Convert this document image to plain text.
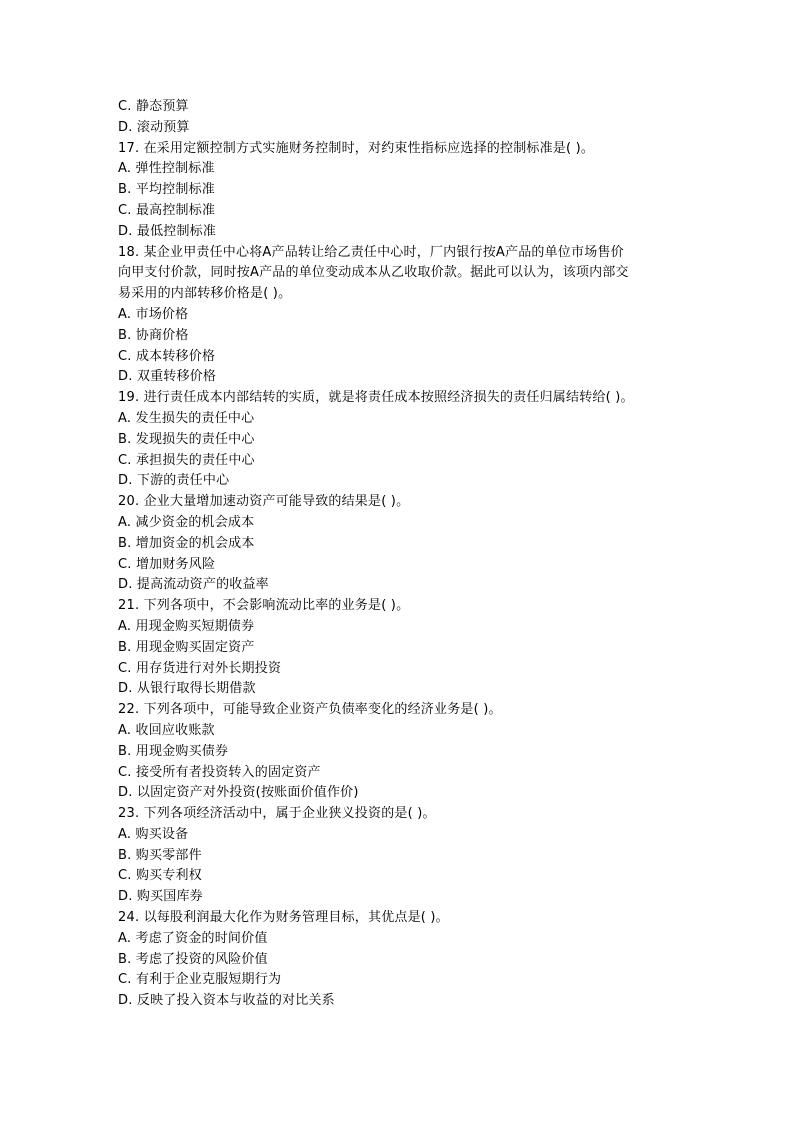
C. 静态预算
D. 滚动预算
17. 在采用定额控制方式实施财务控制时，对约束性指标应选择的控制标准是( )。
A. 弹性控制标准
B. 平均控制标准
C. 最高控制标准
D. 最低控制标准
18. 某企业甲责任中心将A产品转让给乙责任中心时，厂内银行按A产品的单位市场售价
向甲支付价款，同时按A产品的单位变动成本从乙收取价款。据此可以认为，该项内部交
易采用的内部转移价格是( )。
A. 市场价格
B. 协商价格
C. 成本转移价格
D. 双重转移价格
19. 进行责任成本内部结转的实质，就是将责任成本按照经济损失的责任归属结转给( )。
A. 发生损失的责任中心
B. 发现损失的责任中心
C. 承担损失的责任中心
D. 下游的责任中心
20. 企业大量增加速动资产可能导致的结果是( )。
A. 减少资金的机会成本
B. 增加资金的机会成本
C. 增加财务风险
D. 提高流动资产的收益率
21. 下列各项中，不会影响流动比率的业务是( )。
A. 用现金购买短期债券
B. 用现金购买固定资产
C. 用存货进行对外长期投资
D. 从银行取得长期借款
22. 下列各项中，可能导致企业资产负债率变化的经济业务是( )。
A. 收回应收账款
B. 用现金购买债券
C. 接受所有者投资转入的固定资产
D. 以固定资产对外投资(按账面价值作价)
23. 下列各项经济活动中，属于企业狭义投资的是( )。
A. 购买设备
B. 购买零部件
C. 购买专利权
D. 购买国库券
24. 以每股利润最大化作为财务管理目标，其优点是( )。
A. 考虑了资金的时间价值
B. 考虑了投资的风险价值
C. 有利于企业克服短期行为
D. 反映了投入资本与收益的对比关系
